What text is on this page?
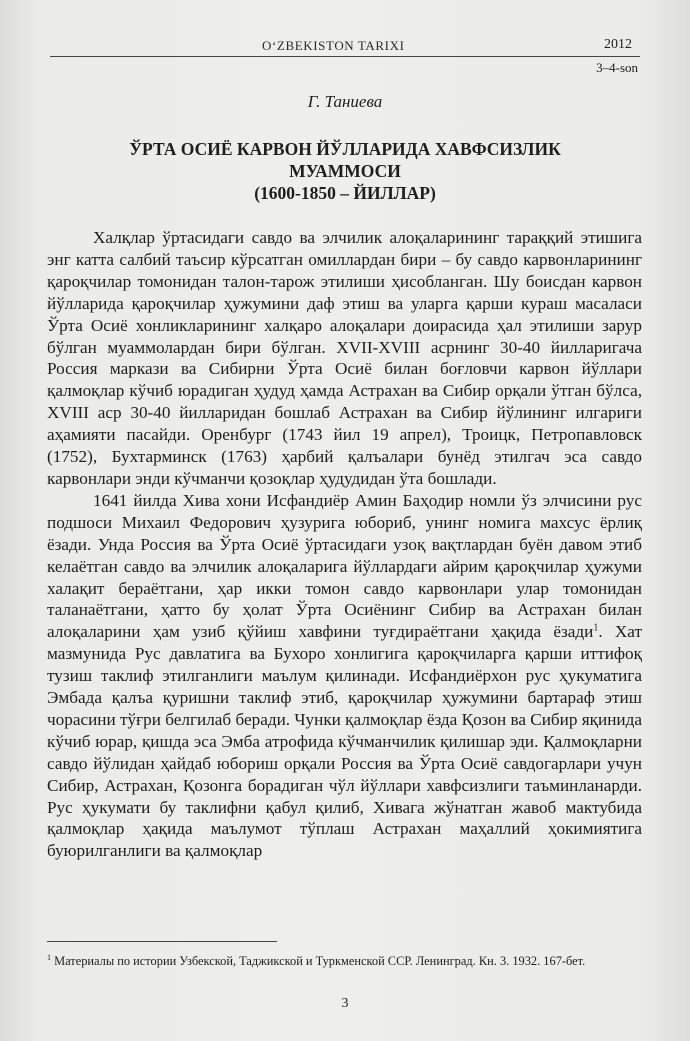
O‘ZBEKISTON TARIXI	2012
3–4-son
Г. Таниева
ЎРТА ОСИЁ КАРВОН ЙЎЛЛАРИДА ХАВФСИЗЛИК
МУАММОСИ
(1600-1850 – ЙИЛЛАР)

Халқлар ўртасидаги савдо ва элчилик алоқаларининг тараққий этишига энг катта салбий таъсир кўрсатган омиллардан бири – бу савдо карвонларининг қароқчилар томонидан талон-тарож этилиши ҳисобланган. Шу боисдан карвон йўлларида қароқчилар ҳужумини даф этиш ва уларга қарши кураш масаласи Ўрта Осиё хонликларининг халқаро алоқалари доирасида ҳал этилиши зарур бўлган муаммолардан бири бўлган. XVII-XVIII асрнинг 30-40 йилларигача Россия маркази ва Сибирни Ўрта Осиё билан боғловчи карвон йўллари қалмоқлар кўчиб юрадиган ҳудуд ҳамда Астрахан ва Сибир орқали ўтган бўлса, XVIII аср 30-40 йилларидан бошлаб Астрахан ва Сибир йўлининг илгариги аҳамияти пасайди. Оренбург (1743 йил 19 апрел), Троицк, Петропавловск (1752), Бухтарминск (1763) ҳарбий қалъалари бунёд этилгач эса савдо карвонлари энди кўчманчи қозоқлар ҳудудидан ўта бошлади.

1641 йилда Хива хони Исфандиёр Амин Баҳодир номли ўз элчисини рус подшоси Михаил Федорович ҳузурига юбориб, унинг номига махсус ёрлиқ ёзади. Унда Россия ва Ўрта Осиё ўртасидаги узоқ вақтлардан буён давом этиб келаётган савдо ва элчилик алоқаларига йўллардаги айрим қароқчилар ҳужуми халақит бераётгани, ҳар икки томон савдо карвонлари улар томонидан таланаётгани, ҳатто бу ҳолат Ўрта Осиёнинг Сибир ва Астрахан билан алоқаларини ҳам узиб қўйиш хавфини туғдираётгани ҳақида ёзади$^1$. Хат мазмунида Рус давлатига ва Бухоро хонлигига қароқчиларга қарши иттифоқ тузиш таклиф этилганлиги маълум қилинади. Исфандиёрхон рус ҳукуматига Эмбада қалъа қуришни таклиф этиб, қароқчилар ҳужумини бартараф этиш чорасини тўғри белгилаб беради. Чунки қалмоқлар ёзда Қозон ва Сибир яқинида кўчиб юрар, қишда эса Эмба атрофида кўчманчилик қилишар эди. Қалмоқларни савдо йўлидан ҳайдаб юбориш орқали Россия ва Ўрта Осиё савдогарлари учун Сибир, Астрахан, Қозонга борадиган чўл йўллари хавфсизлиги таъминланарди. Рус ҳукумати бу таклифни қабул қилиб, Хивага жўнатган жавоб мактубида қалмоқлар ҳақида маълумот тўплаш Астрахан маҳаллий ҳокимиятига буюрилганлиги ва қалмоқлар

$^1$ Материалы по истории Узбекской, Таджикской и Туркменской ССР. Ленинград. Кн. 3. 1932. 167-бет.
3
